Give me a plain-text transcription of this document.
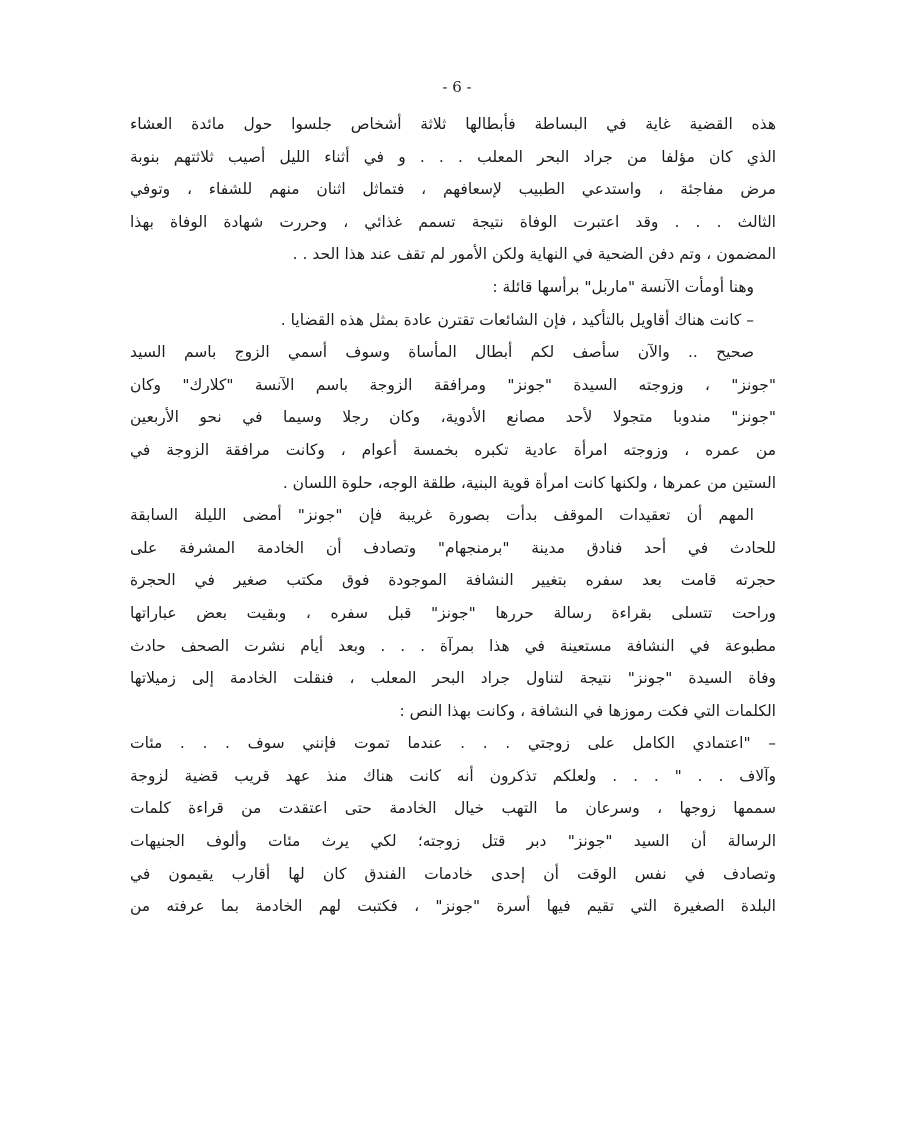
- 6 -
هذه القضية غاية في البساطة فأبطالها ثلاثة أشخاص جلسوا حول مائدة العشاء
الذي كان مؤلفا من جراد البحر المعلب . . . و في أثناء الليل أصيب ثلاثتهم بنوبة
مرض مفاجئة ، واستدعي الطبيب لإسعافهم ، فتماثل اثنان منهم للشفاء ، وتوفي
الثالث . . . وقد اعتبرت الوفاة نتيجة تسمم غذائي ، وحررت شهادة الوفاة بهذا
المضمون ، وتم دفن الضحية في النهاية ولكن الأمور لم تقف عند هذا الحد . .
وهنا أومأت الآنسة "ماربل" برأسها قائلة :
– كانت هناك أقاويل بالتأكيد ، فإن الشائعات تقترن عادة بمثل هذه القضايا .
صحيح .. والآن سأصف لكم أبطال المأساة وسوف أسمي الزوج باسم السيد
"جونز" ، وزوجته السيدة "جونز" ومرافقة الزوجة باسم الآنسة "كلارك" وكان
"جونز" مندوبا متجولا لأحد مصانع الأدوية، وكان رجلا وسيما في نحو الأربعين
من عمره ، وزوجته امرأة عادية تكبره بخمسة أعوام ، وكانت مرافقة الزوجة في
الستين من عمرها ، ولكنها كانت امرأة قوية البنية، طلقة الوجه، حلوة اللسان .
المهم أن تعقيدات الموقف بدأت بصورة غريبة فإن "جونز" أمضى الليلة السابقة
للحادث في أحد فنادق مدينة "برمنجهام" وتصادف أن الخادمة المشرفة على
حجرته قامت بعد سفره بتغيير النشافة الموجودة فوق مكتب صغير في الحجرة
وراحت تتسلى بقراءة رسالة حررها "جونز" قبل سفره ، وبقيت بعض عباراتها
مطبوعة في النشافة مستعينة في هذا بمرآة . . . وبعد أيام نشرت الصحف حادث
وفاة السيدة "جونز" نتيجة لتناول جراد البحر المعلب ، فنقلت الخادمة إلى زميلاتها
الكلمات التي فكت رموزها في النشافة ، وكانت بهذا النص :
– "اعتمادي الكامل على زوجتي . . . عندما تموت فإنني سوف . . . مئات
وآلاف . . " . . . ولعلكم تذكرون أنه كانت هناك منذ عهد قريب قضية لزوجة
سممها زوجها ، وسرعان ما التهب خيال الخادمة حتى اعتقدت من قراءة كلمات
الرسالة أن السيد "جونز" دبر قتل زوجته؛ لكي يرث مئات وألوف الجنيهات
وتصادف في نفس الوقت أن إحدى خادمات الفندق كان لها أقارب يقيمون في
البلدة الصغيرة التي تقيم فيها أسرة "جونز" ، فكتبت لهم الخادمة بما عرفته من
